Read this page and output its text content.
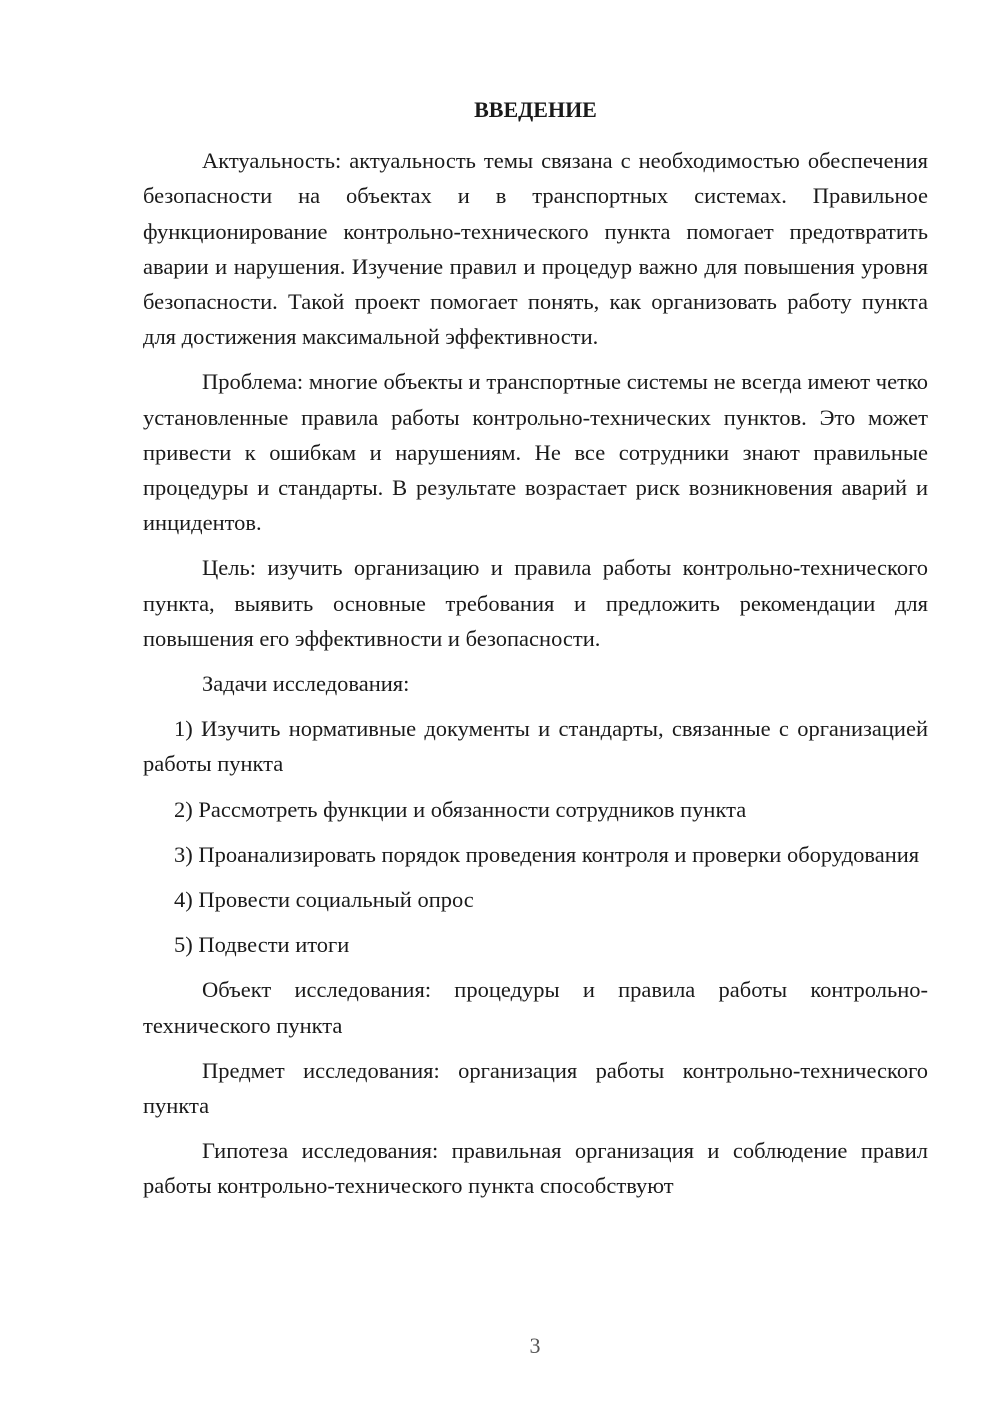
ВВЕДЕНИЕ

Актуальность: актуальность темы связана с необходимостью обеспечения безопасности на объектах и в транспортных системах. Правильное функционирование контрольно-технического пункта помогает предотвратить аварии и нарушения. Изучение правил и процедур важно для повышения уровня безопасности. Такой проект помогает понять, как организовать работу пункта для достижения максимальной эффективности.

Проблема: многие объекты и транспортные системы не всегда имеют четко установленные правила работы контрольно-технических пунктов. Это может привести к ошибкам и нарушениям. Не все сотрудники знают правильные процедуры и стандарты. В результате возрастает риск возникновения аварий и инцидентов.

Цель: изучить организацию и правила работы контрольно-технического пункта, выявить основные требования и предложить рекомендации для повышения его эффективности и безопасности.

Задачи исследования:

1) Изучить нормативные документы и стандарты, связанные с организацией работы пункта

2) Рассмотреть функции и обязанности сотрудников пункта

3) Проанализировать порядок проведения контроля и проверки оборудования

4) Провести социальный опрос

5) Подвести итоги

Объект исследования: процедуры и правила работы контрольно-технического пункта

Предмет исследования: организация работы контрольно-технического пункта

Гипотеза исследования: правильная организация и соблюдение правил работы контрольно-технического пункта способствуют

3
